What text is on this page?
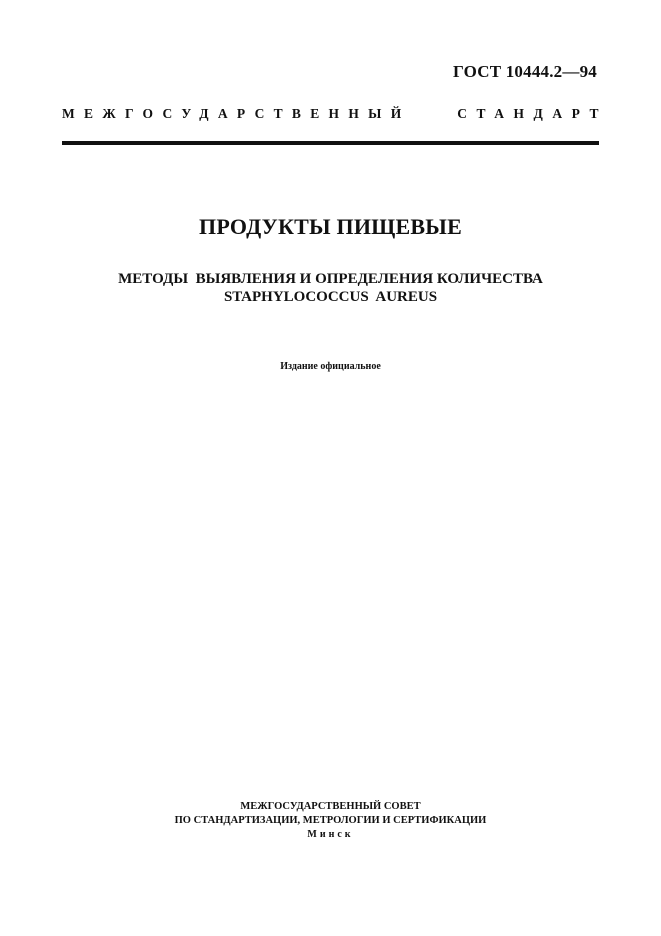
ГОСТ 10444.2—94
МЕЖГОСУДАРСТВЕННЫЙ	СТАНДАРТ
ПРОДУКТЫ ПИЩЕВЫЕ
МЕТОДЫ  ВЫЯВЛЕНИЯ И ОПРЕДЕЛЕНИЯ КОЛИЧЕСТВА
STAPHYLOCOCCUS  AUREUS
Издание официальное
МЕЖГОСУДАРСТВЕННЫЙ СОВЕТ
ПО СТАНДАРТИЗАЦИИ, МЕТРОЛОГИИ И СЕРТИФИКАЦИИ
Минск
